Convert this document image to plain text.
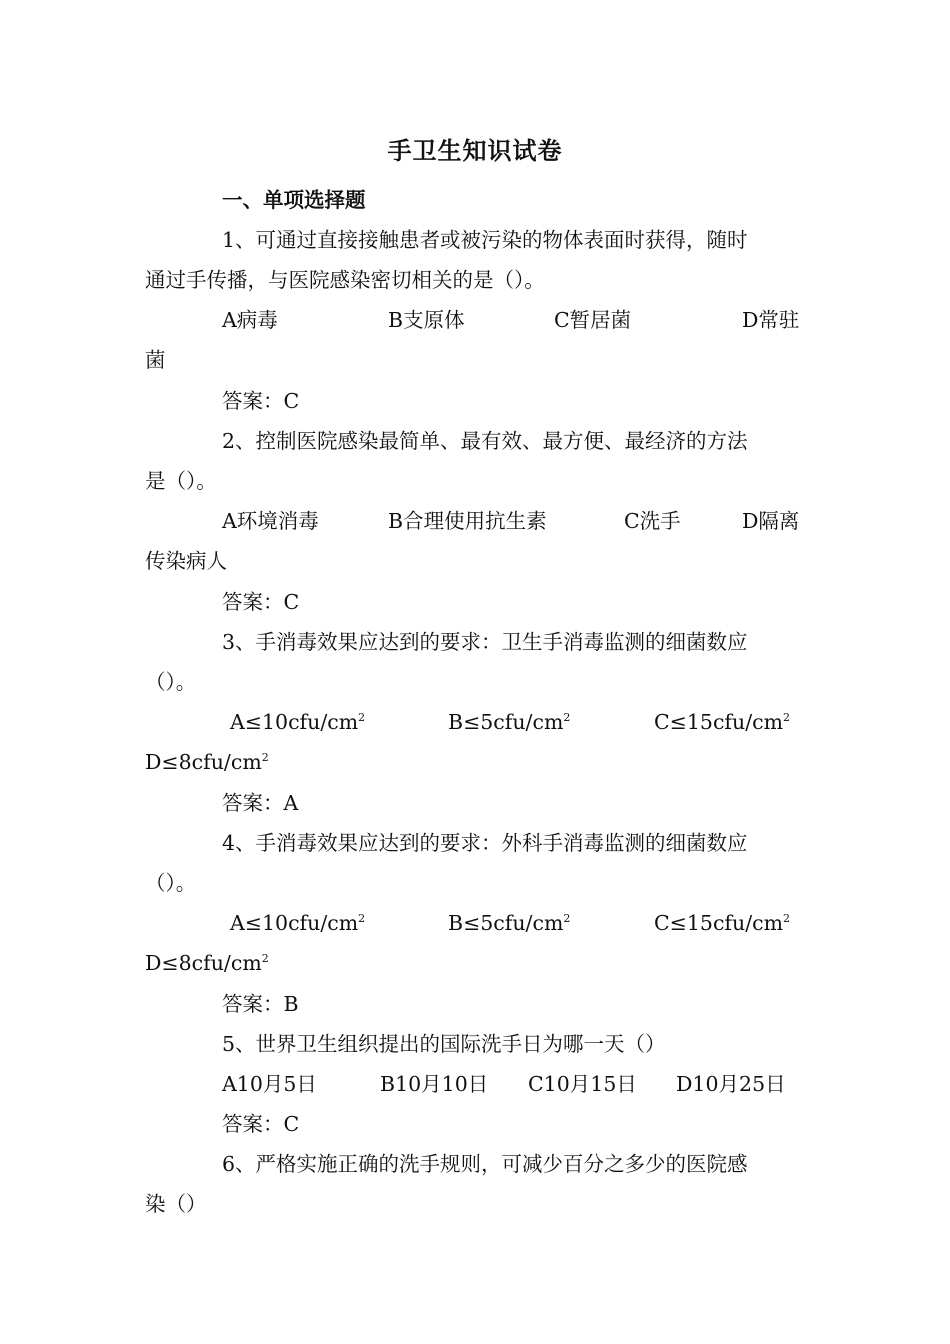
手卫生知识试卷
一、单项选择题
1、可通过直接接触患者或被污染的物体表面时获得，随时
通过手传播，与医院感染密切相关的是（）。
A病毒	B支原体	C暂居菌	D常驻
菌
答案：C
2、控制医院感染最简单、最有效、最方便、最经济的方法
是（）。
A环境消毒	B合理使用抗生素	C洗手	D隔离
传染病人
答案：C
3、手消毒效果应达到的要求：卫生手消毒监测的细菌数应
（）。
$A\le 10cfu/cm^2$	$B\le 5cfu/cm^2$	$C\le 15cfu/cm^2$
$D\le 8cfu/cm^2$
答案：A
4、手消毒效果应达到的要求：外科手消毒监测的细菌数应
（）。
$A\le 10cfu/cm^2$	$B\le 5cfu/cm^2$	$C\le 15cfu/cm^2$
$D\le 8cfu/cm^2$
答案：B
5、世界卫生组织提出的国际洗手日为哪一天（）
A10月5日	B10月10日 C10月15日 D10月25日
答案：C
6、严格实施正确的洗手规则，可减少百分之多少的医院感
染（）
